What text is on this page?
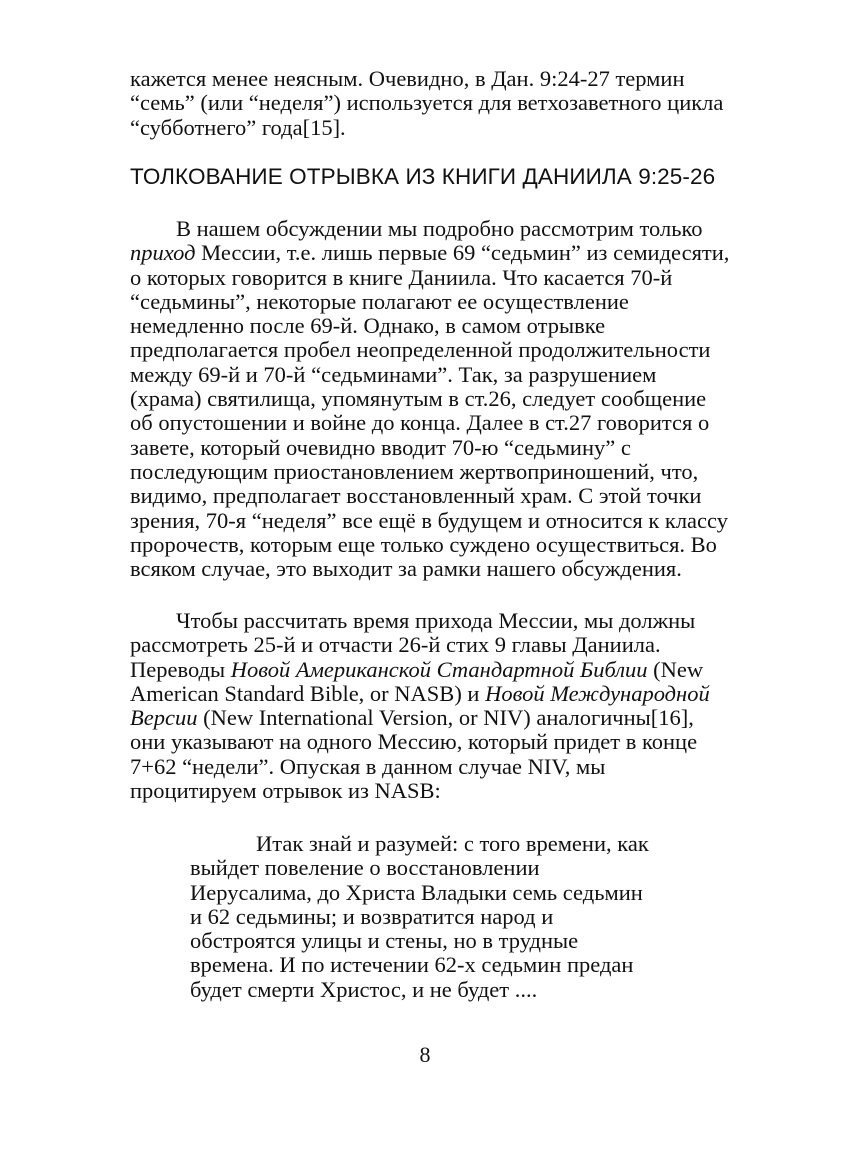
кажется менее неясным. Очевидно, в Дан. 9:24-27 термин
“семь” (или “неделя”) используется для ветхозаветного цикла
“субботнего” года[15].

ТОЛКОВАНИЕ ОТРЫВКА ИЗ КНИГИ ДАНИИЛА 9:25-26

В нашем обсуждении мы подробно рассмотрим только
приход Мессии, т.е. лишь первые 69 “седьмин” из семидесяти,
о которых говорится в книге Даниила. Что касается 70-й
“седьмины”, некоторые полагают ее осуществление
немедленно после 69-й. Однако, в самом отрывке
предполагается пробел неопределенной продолжительности
между 69-й и 70-й “седьминами”. Так, за разрушением
(храма) святилища, упомянутым в ст.26, следует сообщение
об опустошении и войне до конца. Далее в ст.27 говорится о
завете, который очевидно вводит 70-ю “седьмину” с
последующим приостановлением жертвоприношений, что,
видимо, предполагает восстановленный храм. С этой точки
зрения, 70-я “неделя” все ещё в будущем и относится к классу
пророчеств, которым еще только суждено осуществиться. Во
всяком случае, это выходит за рамки нашего обсуждения.

Чтобы рассчитать время прихода Мессии, мы должны
рассмотреть 25-й и отчасти 26-й стих 9 главы Даниила.
Переводы Новой Американской Стандартной Библии (New
American Standard Bible, or NASB) и Новой Международной
Версии (New International Version, or NIV) аналогичны[16],
они указывают на одного Мессию, который придет в конце
7+62 “недели”. Опуская в данном случае NIV, мы
процитируем отрывок из NASB:

Итак знай и разумей: с того времени, как
выйдет повеление о восстановлении
Иерусалима, до Христа Владыки семь седьмин
и 62 седьмины; и возвратится народ и
обстроятся улицы и стены, но в трудные
времена. И по истечении 62-х седьмин предан
будет смерти Христос, и не будет ....

8
